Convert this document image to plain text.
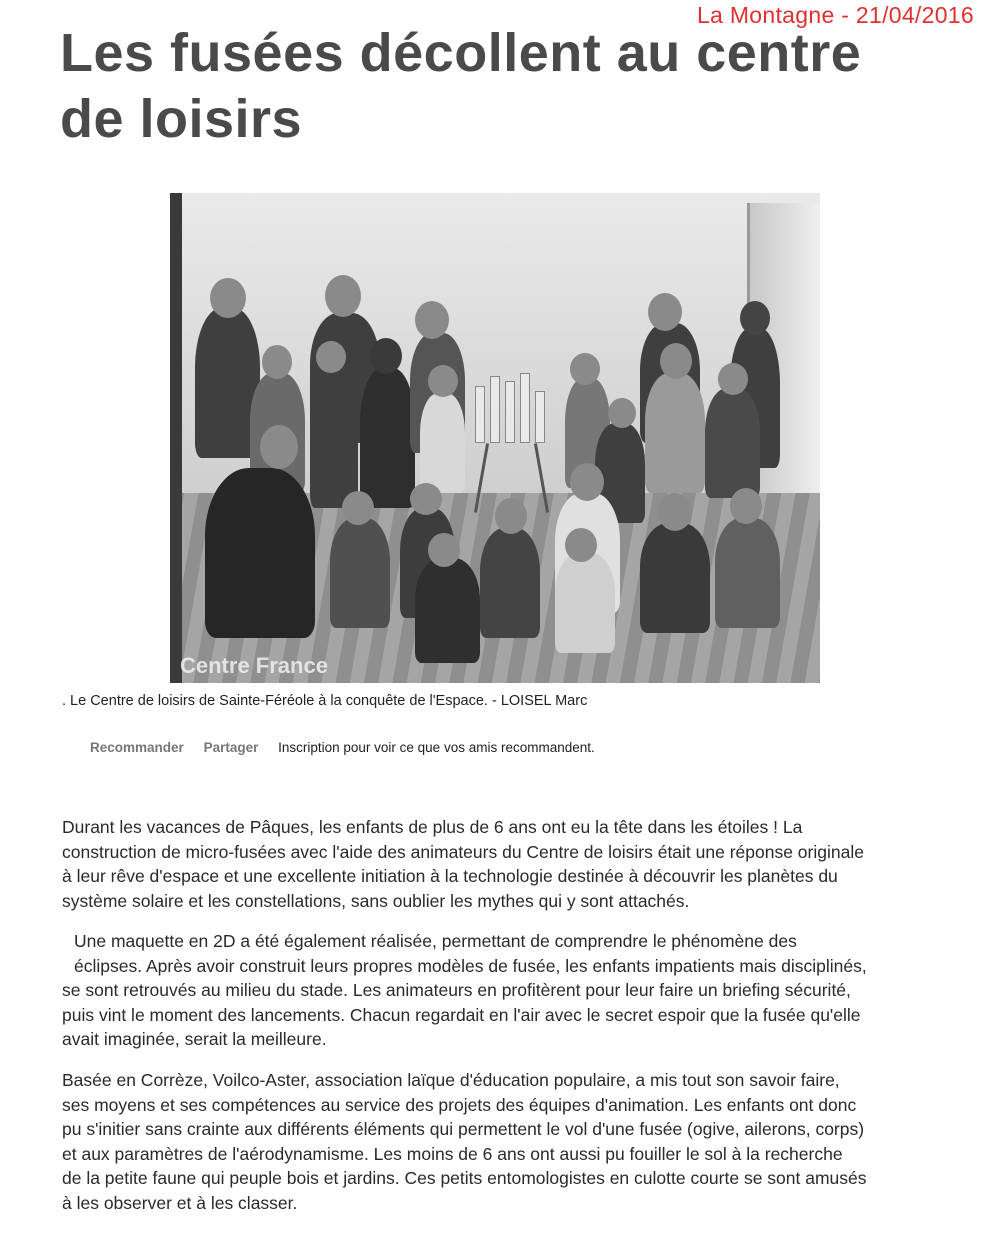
La Montagne - 21/04/2016
Les fusées décollent au centre
de loisirs
Centre France
. Le Centre de loisirs de Sainte-Féréole à la conquête de l'Espace. - LOISEL Marc
Recommander Partager Inscription pour voir ce que vos amis recommandent.
Durant les vacances de Pâques, les enfants de plus de 6 ans ont eu la tête dans les étoiles ! La
construction de micro-fusées avec l'aide des animateurs du Centre de loisirs était une réponse originale
à leur rêve d'espace et une excellente initiation à la technologie destinée à découvrir les planètes du
système solaire et les constellations, sans oublier les mythes qui y sont attachés.
Une maquette en 2D a été également réalisée, permettant de comprendre le phénomène des
éclipses. Après avoir construit leurs propres modèles de fusée, les enfants impatients mais disciplinés,
se sont retrouvés au milieu du stade. Les animateurs en profitèrent pour leur faire un briefing sécurité,
puis vint le moment des lancements. Chacun regardait en l'air avec le secret espoir que la fusée qu'elle
avait imaginée, serait la meilleure.
Basée en Corrèze, Voilco-Aster, association laïque d'éducation populaire, a mis tout son savoir faire,
ses moyens et ses compétences au service des projets des équipes d'animation. Les enfants ont donc
pu s'initier sans crainte aux différents éléments qui permettent le vol d'une fusée (ogive, ailerons, corps)
et aux paramètres de l'aérodynamisme. Les moins de 6 ans ont aussi pu fouiller le sol à la recherche
de la petite faune qui peuple bois et jardins. Ces petits entomologistes en culotte courte se sont amusés
à les observer et à les classer.
